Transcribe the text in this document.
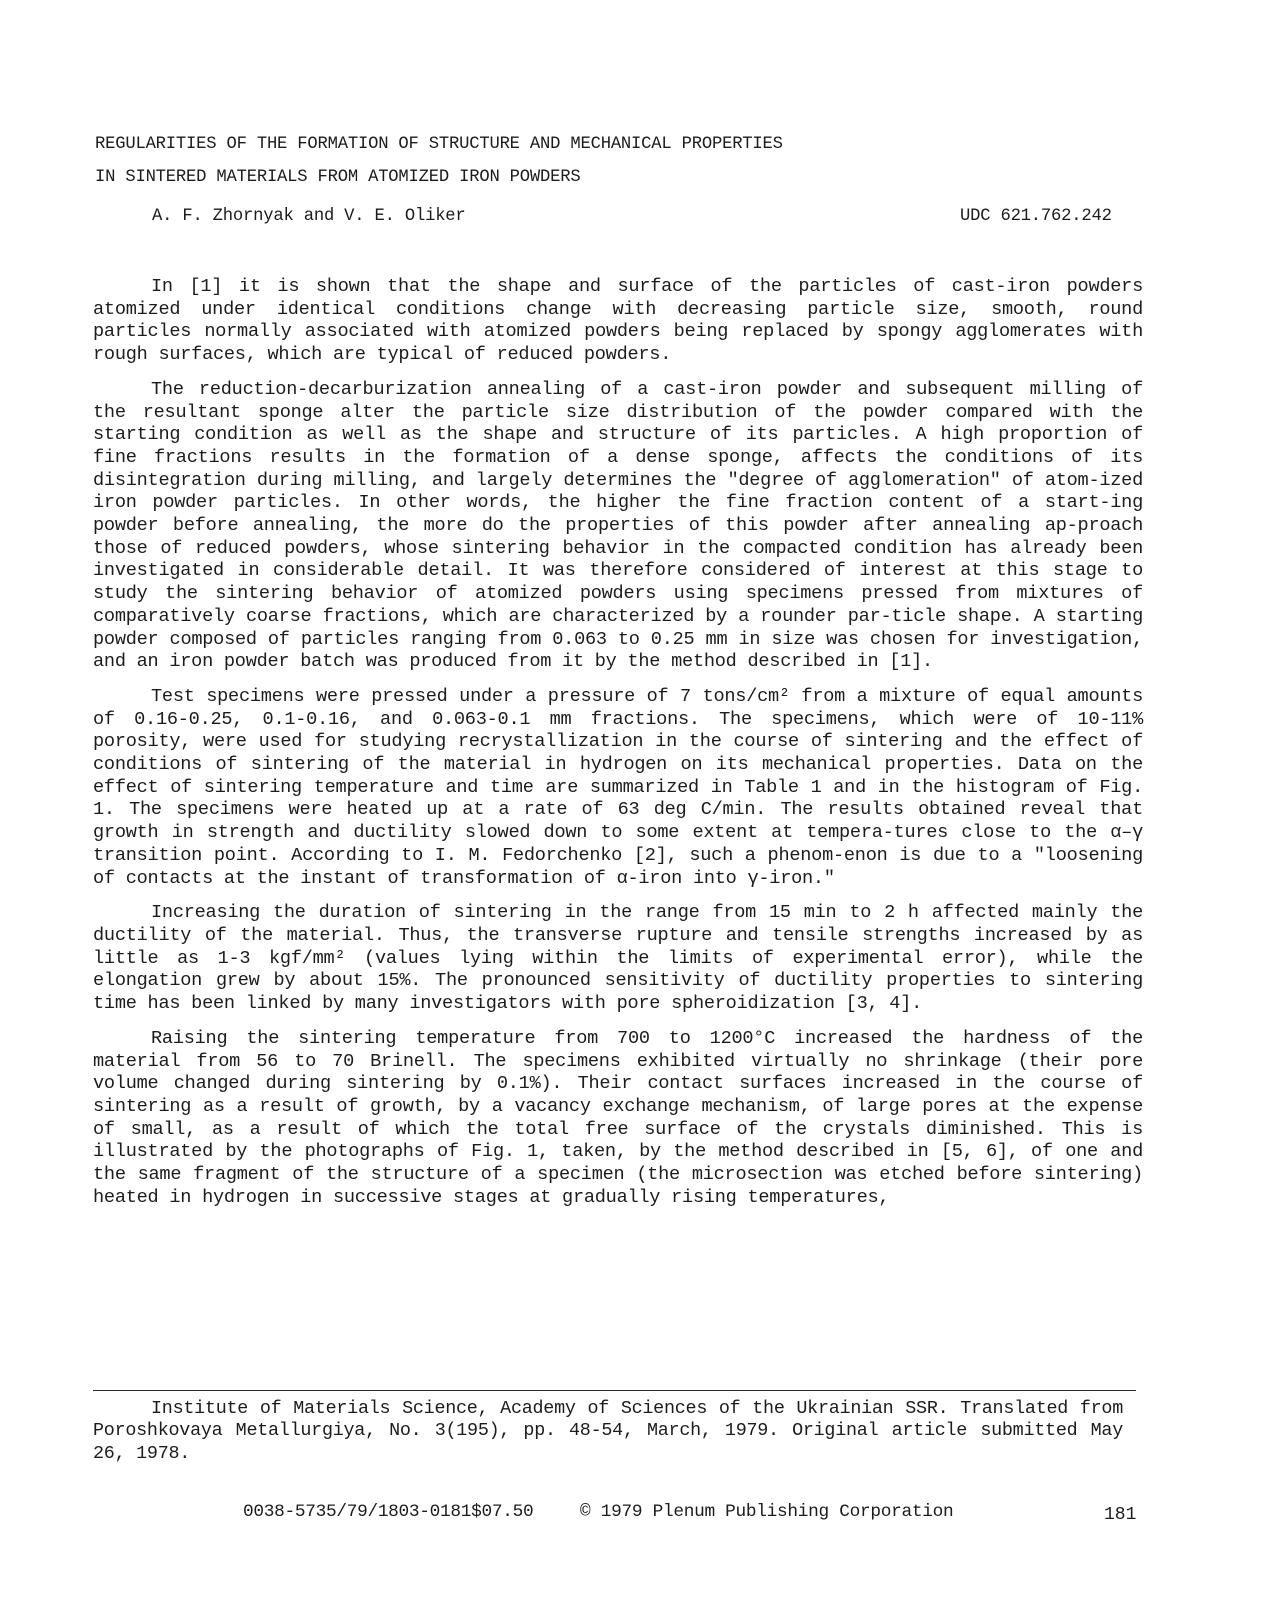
REGULARITIES OF THE FORMATION OF STRUCTURE AND MECHANICAL PROPERTIES
IN SINTERED MATERIALS FROM ATOMIZED IRON POWDERS
A. F. Zhornyak and V. E. Oliker	UDC 621.762.242

In [1] it is shown that the shape and surface of the particles of cast-iron powders atomized under identical conditions change with decreasing particle size, smooth, round particles normally associated with atomized powders being replaced by spongy agglomerates with rough surfaces, which are typical of reduced powders.

The reduction-decarburization annealing of a cast-iron powder and subsequent milling of the resultant sponge alter the particle size distribution of the powder compared with the starting condition as well as the shape and structure of its particles. A high proportion of fine fractions results in the formation of a dense sponge, affects the conditions of its disintegration during milling, and largely determines the "degree of agglomeration" of atom-ized iron powder particles. In other words, the higher the fine fraction content of a start-ing powder before annealing, the more do the properties of this powder after annealing ap-proach those of reduced powders, whose sintering behavior in the compacted condition has already been investigated in considerable detail. It was therefore considered of interest at this stage to study the sintering behavior of atomized powders using specimens pressed from mixtures of comparatively coarse fractions, which are characterized by a rounder par-ticle shape. A starting powder composed of particles ranging from 0.063 to 0.25 mm in size was chosen for investigation, and an iron powder batch was produced from it by the method described in [1].

Test specimens were pressed under a pressure of 7 tons/cm² from a mixture of equal amounts of 0.16-0.25, 0.1-0.16, and 0.063-0.1 mm fractions. The specimens, which were of 10-11% porosity, were used for studying recrystallization in the course of sintering and the effect of conditions of sintering of the material in hydrogen on its mechanical properties. Data on the effect of sintering temperature and time are summarized in Table 1 and in the histogram of Fig. 1. The specimens were heated up at a rate of 63 deg C/min. The results obtained reveal that growth in strength and ductility slowed down to some extent at tempera-tures close to the α–γ transition point. According to I. M. Fedorchenko [2], such a phenom-enon is due to a "loosening of contacts at the instant of transformation of α-iron into γ-iron."

Increasing the duration of sintering in the range from 15 min to 2 h affected mainly the ductility of the material. Thus, the transverse rupture and tensile strengths increased by as little as 1-3 kgf/mm² (values lying within the limits of experimental error), while the elongation grew by about 15%. The pronounced sensitivity of ductility properties to sintering time has been linked by many investigators with pore spheroidization [3, 4].

Raising the sintering temperature from 700 to 1200°C increased the hardness of the material from 56 to 70 Brinell. The specimens exhibited virtually no shrinkage (their pore volume changed during sintering by 0.1%). Their contact surfaces increased in the course of sintering as a result of growth, by a vacancy exchange mechanism, of large pores at the expense of small, as a result of which the total free surface of the crystals diminished. This is illustrated by the photographs of Fig. 1, taken, by the method described in [5, 6], of one and the same fragment of the structure of a specimen (the microsection was etched before sintering) heated in hydrogen in successive stages at gradually rising temperatures,

Institute of Materials Science, Academy of Sciences of the Ukrainian SSR. Translated from Poroshkovaya Metallurgiya, No. 3(195), pp. 48-54, March, 1979. Original article submitted May 26, 1978.
0038-5735/79/1803-0181$07.50	© 1979 Plenum Publishing Corporation	181
